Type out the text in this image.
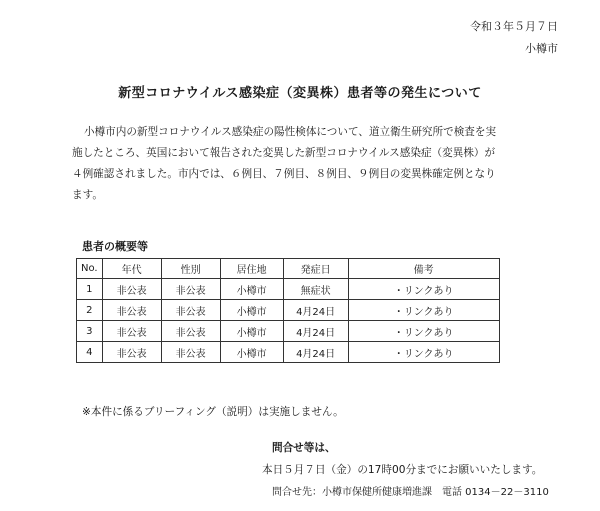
令和３年５月７日
小樽市
新型コロナウイルス感染症（変異株）患者等の発生について

小樽市内の新型コロナウイルス感染症の陽性検体について、道立衛生研究所で検査を実

施したところ、英国において報告された変異した新型コロナウイルス感染症（変異株）が

４例確認されました。市内では、６例目、７例目、８例目、９例目の変異株確定例となり

ます。

患者の概要等
No.	年代	性別	居住地	発症日	備考
1	非公表	非公表	小樽市	無症状	・リンクあり
2	非公表	非公表	小樽市	4月24日	・リンクあり
3	非公表	非公表	小樽市	4月24日	・リンクあり
4	非公表	非公表	小樽市	4月24日	・リンクあり
※本件に係るブリーフィング（説明）は実施しません。
問合せ等は、
本日５月７日（金）の17時00分までにお願いいたします。
問合せ先：小樽市保健所健康増進課　電話 0134－22－3110
